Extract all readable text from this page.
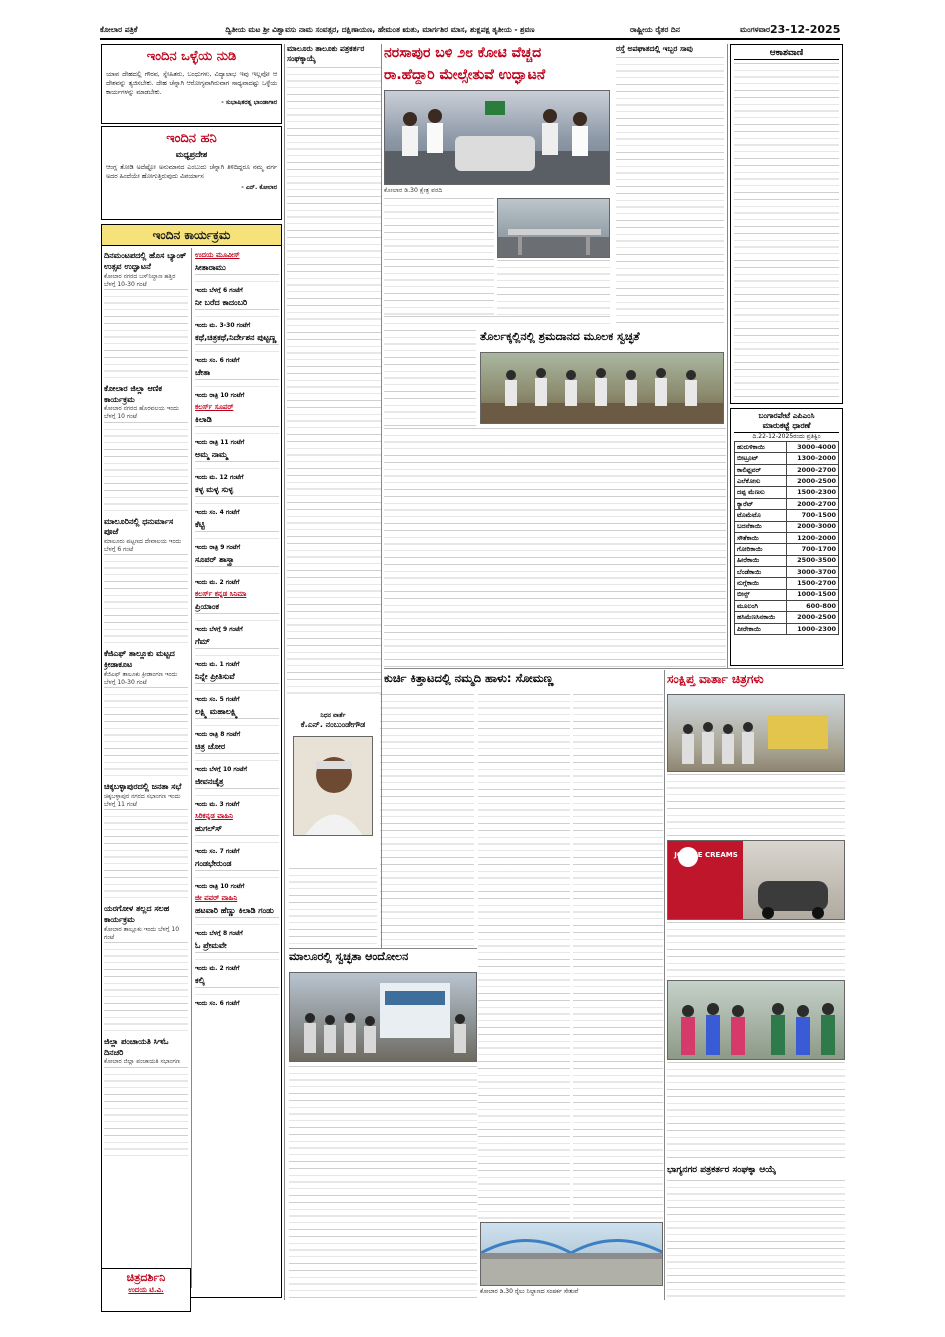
ಕೋಲಾರ ಪತ್ರಿಕೆ	ದ್ವಿತೀಯ ಮಟ ಶ್ರೀ ವಿಶ್ವಾವಸು ನಾಮ ಸಂವತ್ಸರ, ದಕ್ಷಿಣಾಯಣ, ಹೇಮಂತ ಋತು, ಮಾರ್ಗಶಿರ ಮಾಸ, ಶುಕ್ಲಪಕ್ಷ ತೃತೀಯ - ಶ್ರವಣ	ರಾಷ್ಟ್ರೀಯ ರೈತರ ದಿನ	ಮಂಗಳವಾರ 23-12-2025
ಇಂದಿನ ಒಳ್ಳೆಯ ನುಡಿ
ಯಾವ ದೇಹದಲ್ಲಿ ಗೌರವ, ಸ್ನೇಹಿತರು, ಬಂಧುಗಳು, ವಿದ್ಯಾಲಾಭ ಇವು ಇಲ್ಲವೋ ಆ ದೇಶವನ್ನು ತ್ಯಜಿಸಬೇಕು. ದೇಹ ಚೆನ್ನಾಗಿ ಆರೋಗ್ಯವಾಗಿರುವಾಗ ಸಾಧ್ಯವಾದಷ್ಟು ಒಳ್ಳೆಯ ಕಾರ್ಯಗಳನ್ನು ಮಾಡಬೇಕು.
- ಸುಭಾಷಿತರತ್ನ ಭಾಂಡಾಗಾರ
ಇಂದಿನ ಹನಿ
ಮಧ್ಯಪ್ರದೇಶ
ಆಂಗ್ಲ ತೋಡಿ ಅದೆಷ್ಟೋ ಅನುಮಾನದ ಎಂಬುದು ಚೆನ್ನಾಗಿ ತಿಳಿದಿದ್ದರೂ ನಮ್ಮ ವರ್ಗ ಅದರ ಹಿಂದೆಯೇ ಹೋಗುತ್ತಿರುವುದು ವಿಪರ್ಯಾಸ
- ಎನ್. ಕೋಲಾರ
ಇಂದಿನ ಕಾರ್ಯಕ್ರಮ
ದಿನಮಂಟಪದಲ್ಲಿ ಹೊಸ ಬ್ಯಾಂಕ್ ಉತ್ಸವ ಉದ್ಘಾಟನೆ
ಕೋಲಾರ ನಗರದ ಬಸ್‌ನಿಲ್ದಾಣ ಹತ್ತಿರ ಬೆಳಗ್ಗೆ 10-30 ಗಂಟೆ
ಕೋಲಾರ ಜಿಲ್ಲಾ ಆಣಿಕ ಕಾರ್ಯಕ್ರಮ
ಕೋಲಾರ ನಗರದ ಹೊರವಲಯ ಇಂದು ಬೆಳಗ್ಗೆ 10 ಗಂಟೆ
ಮಾಲೂರಿನಲ್ಲಿ ಧನುರ್ಮಾಸ ಪೂಜೆ
ಮಾಲೂರು ಪಟ್ಟಣದ ದೇವಾಲಯ ಇಂದು ಬೆಳಗ್ಗೆ 6 ಗಂಟೆ
ಕೆಜಿಎಫ್ ತಾಲ್ಲೂಕು ಮಟ್ಟದ ಕ್ರೀಡಾಕೂಟ
ಕೆಜಿಎಫ್ ತಾಲೂಕು ಕ್ರೀಡಾಂಗಣ ಇಂದು ಬೆಳಗ್ಗೆ 10-30 ಗಂಟೆ
ಚಿಕ್ಕಬಳ್ಳಾಪುರದಲ್ಲಿ ಜನತಾ ಸಭೆ
ಚಿಕ್ಕಬಳ್ಳಾಪುರ ನಗರದ ಸಭಾಂಗಣ ಇಂದು ಬೆಳಗ್ಗೆ 11 ಗಂಟೆ
ಯರಗೋಳ ತಲ್ಲದ ಸಲಹ ಕಾರ್ಯಕ್ರಮ
ಕೋಲಾರ ತಾಲ್ಲೂಕು ಇಂದು ಬೆಳಗ್ಗೆ 10 ಗಂಟೆ
ಜಿಲ್ಲಾ ಪಂಚಾಯತಿ ಸಿಇಓ ದಿನಚರಿ
ಕೋಲಾರ ಜಿಲ್ಲಾ ಪಂಚಾಯತಿ ಸಭಾಂಗಣ
ಉದಯ ಮೂವೀಸ್
ಸೀತಾರಾಮು
ಇಂದು ಬೆಳಗ್ಗೆ 6 ಗಂಟೆಗೆ
ನೀ ಬರೆದ ಕಾದಂಬರಿ
ಇಂದು ಮ. 3-30 ಗಂಟೆಗೆ
ಕಥೆ,ಚಿತ್ರಕಥೆ,ನಿರ್ದೇಶನ ಪುಟ್ಟಣ್ಣ
ಇಂದು ಸಂ. 6 ಗಂಟೆಗೆ
ಚೇತಾ
ಇಂದು ರಾತ್ರಿ 10 ಗಂಟೆಗೆ
ಕಲರ್ಸ್ ಸೂಪರ್
ಕಿಲಾಡಿ
ಇಂದು ರಾತ್ರಿ 11 ಗಂಟೆಗೆ
ಅಮ್ಮ ನಾಮ್ಮ
ಇಂದು ಮ. 12 ಗಂಟೆಗೆ
ಕಳ್ಳ ಮಳ್ಳ ಸುಳ್ಳ
ಇಂದು ಸಂ. 4 ಗಂಟೆಗೆ
ಕೆಟ್ಟಿ
ಇಂದು ರಾತ್ರಿ 9 ಗಂಟೆಗೆ
ಸೂಪರ್ ಶಾಸ್ತ್ರಾ
ಇಂದು ಮ. 2 ಗಂಟೆಗೆ
ಕಲರ್ಸ್ ಕನ್ನಡ ಸಿನಿಮಾ
ಪ್ರಿಯಾಂಕ
ಇಂದು ಬೆಳಗ್ಗೆ 9 ಗಂಟೆಗೆ
ಗೆಮ್
ಇಂದು ಮ. 1 ಗಂಟೆಗೆ
ನಿನ್ನೇ ಪ್ರೀತಿಸುವೆ
ಇಂದು ಸಂ. 5 ಗಂಟೆಗೆ
ಲಕ್ಷ್ಮಿ ಮಹಾಲಕ್ಷ್ಮಿ
ಇಂದು ರಾತ್ರಿ 8 ಗಂಟೆಗೆ
ಚಿತ್ರ ಚೋರ
ಇಂದು ಬೆಳಗ್ಗೆ 10 ಗಂಟೆಗೆ
ಜೀವನಚೈತ್ರ
ಇಂದು ಮ. 3 ಗಂಟೆಗೆ
ಸಿರಿಕನ್ನಡ ವಾಹಿನಿ
ಹುಗಲ್‌ಸ್
ಇಂದು ಸಂ. 7 ಗಂಟೆಗೆ
ಗಂಡಭೇರುಂಡ
ಇಂದು ರಾತ್ರಿ 10 ಗಂಟೆಗೆ
ಜೀ ಪವರ್ ವಾಹಿನಿ
ಹಟವಾರಿ ಹೆಣ್ಣು ಕಿಲಾಡಿ ಗಂಡು
ಇಂದು ಬೆಳಗ್ಗೆ 8 ಗಂಟೆಗೆ
ಓ ಪ್ರೇಮವೇ
ಇಂದು ಮ. 2 ಗಂಟೆಗೆ
ಕಲ್ಕಿ
ಇಂದು ಸಂ. 6 ಗಂಟೆಗೆ
ಚಿತ್ರದರ್ಶಿನಿ
ಉದಯ ಟಿ.ವಿ.
ಮಾಲೂರು ತಾಲೂಕು ಪತ್ರಕರ್ತರ ಸಂಘಕ್ಕಾಯ್ಕೆ	ನರಸಾಪುರ ಬಳಿ ೨೮ ಕೋಟಿ ವೆಚ್ಚದ
ರಾ.ಹೆದ್ದಾರಿ ಮೇಲ್ಸೇತುವೆ ಉದ್ಘಾಟನೆ
ಕೋಲಾರ ಡಿ.30 ಕ್ಷೇತ್ರ ವರದಿ
ರಸ್ತೆ ಅಪಘಾತದಲ್ಲಿ ಇಬ್ಬರ ಸಾವು
ತೊರ್ಲಕ್ಕಲ್ಲಿನಲ್ಲಿ ಶ್ರಮದಾನದ ಮೂಲಕ ಸ್ವಚ್ಛತೆ
ಕುರ್ಚಿ ಕಿತ್ತಾಟದಲ್ಲಿ ನಮ್ಮದಿ ಹಾಳು: ಸೋಮಣ್ಣ
ನಿಧನ ವಾರ್ತೆ
ಕೆ.ಎನ್. ನಂಬುಂಡೇಗೌಡ
ಮಾಲೂರಲ್ಲಿ ಸ್ವಚ್ಛತಾ ಆಂದೋಲನ
ಕೋಲಾರ ಡಿ.30 ರೈಲು ನಿಲ್ದಾಣದ ಸಂಪರ್ಕ ಸೇತುವೆ
ಸಂಕ್ಷಿಪ್ತ ವಾರ್ತಾ ಚಿತ್ರಗಳು
JOY ICE CREAMS
ಭಾಗ್ಯನಗರ ಪತ್ರಕರ್ತರ ಸಂಘಕ್ಕಾ ಆಯ್ಕೆ
ಆಕಾಶವಾಣಿ
ಬಂಗಾರಪೇಟೆ ಎಪಿಎಂಸಿ
ಮಾರುಕಟ್ಟೆ ಧಾರಣೆ
ದಿ.22-12-2025ರಂದು ಪ್ರತಿಕ್ವಿಂ
ಹುರುಳಿಕಾಯಿ	3000-4000
ಬೀಟ್ರೂಟ್	1300-2000
ಕಾಲಿಫ್ಲವರ್	2000-2700
ಎಲೆಕೋಸು	2000-2500
ದಪ್ಪ ಮೆಣಸು	1500-2300
ಕ್ಯಾರೆಟ್	2000-2700
ಟೊಮೆಟೊ	700-1500
ಬದನೆಕಾಯಿ	2000-3000
ಸೌತೆಕಾಯಿ	1200-2000
ಗೋರಿಕಾಯಿ	700-1700
ಹೀರೆಕಾಯಿ	2500-3500
ಬೆಂಡೆಕಾಯಿ	3000-3700
ನುಗ್ಗೆಕಾಯಿ	1500-2700
ಬೀನ್ಸ್	1000-1500
ಮೂಲಂಗಿ	600-800
ಹಸಿಮೆಣಸಿನಕಾಯಿ	2000-2500
ಪೀರೇಕಾಯಿ	1000-2300
